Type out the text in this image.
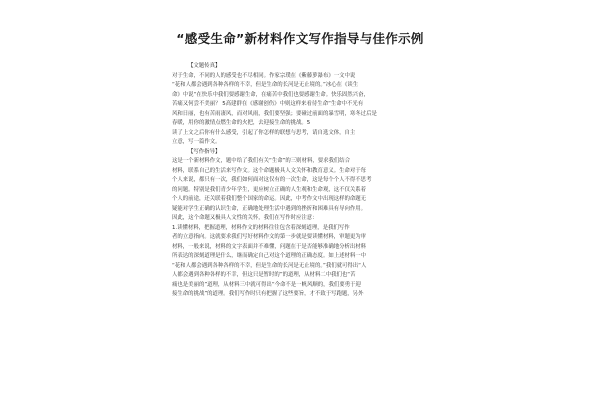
“感受生命”新材料作文写作指导与佳作示例
【文题传真】
对于生命，不同的人的感受也不尽相同。作家宗璞在《紫藤萝瀑布》一文中说
“花和人都会遇到各种各样的不幸，但是生命的长河是无止境的。”冰心在《谈生
命》中说“在快乐中我们要感谢生命，在痛苦中我们也要感谢生命。快乐固然兴奋，
苦痛又何尝不美丽？ 5高建群在《感谢创伤》中则这样来看待生命“生命中不光有
风和日丽，也有苦雨凄风，而对风雨，我们要坚强；要碰过前面的暴雪明，寒冬过后是
春暖，用你的激情点燃生命的火把，去迎接生命的挑战。5
读了上文之后你有什么感受，引起了你怎样的联想与思考，请自选文体，自主
立意，写一篇作文。
【写作指导】
这是一个新材料作文，题中给了我们有关“生命”的三则材料，要求我们结合
材料，联系自己的生活来写作文。这个命题极具人文关怀和教育意义。生命对于每
个人来说，都只有一次，我们如何面对这仅有的一次生命，这是每个个人不得不思考
的问题。特别是我们青少年学生，更应树立正确的人生观和生命观，这不仅关系着
个人的前途，还关联着我们整个国家的命运。因此，中考作文中出现这样的命题无
疑能对学生正确的认识生命，正确地处理生活中遇到的挫折和困难具有导向作用。
因此，这个命题又极具人文性的关怀，我们在写作时应注意：
1.读懂材料，把握道理，材料作文的材料往往包含着深刻道理，是我们写作
者的立意指向。这就要求我们写好材料作文的第一步就是要读懂材料，审题更为审
材料，一般来说，材料的文字表面并不难懂，问题在于是否能够准确地分析出材料
所表达的深刻道理是什么，继而确定自己对这个道理的正确态度。如上述材料一中
“花和人都会遇到各种各样的不幸，但是生命的长河是无止境的。”我们就可得出“人
人都会遇到各种各样的不幸，但这只是暂时的”的道理，从材料二中我们也“苦
痛也是美丽的”道理，从材料三中就可得出“今命不是一帆风顺的，我们要勇于迎
接生命的挑战”的道理。我们写作时只有把握了这些要旨，才不致于写跑题，另外
